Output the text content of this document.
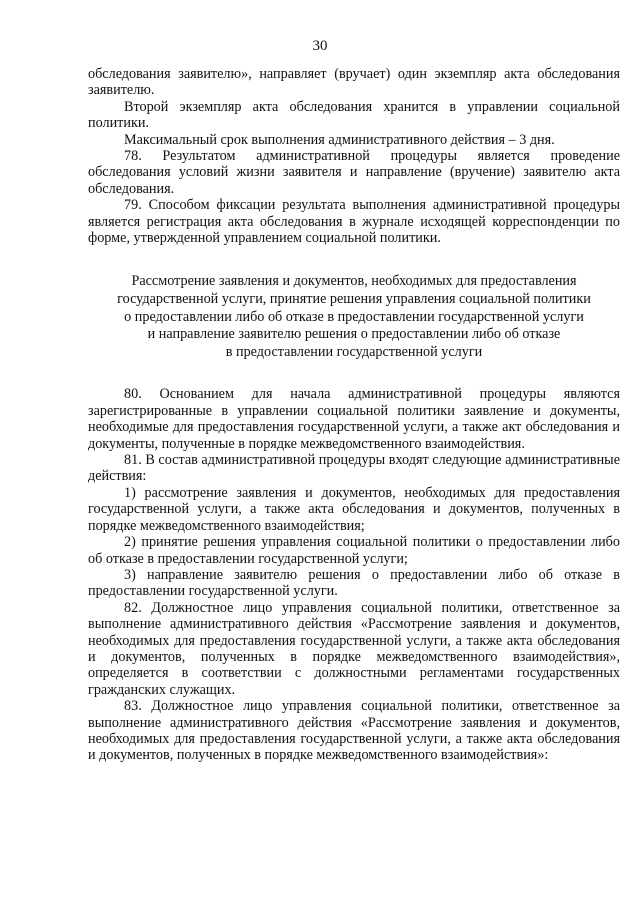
30

обследования заявителю», направляет (вручает) один экземпляр акта обследования заявителю.

Второй экземпляр акта обследования хранится в управлении социальной политики.

Максимальный срок выполнения административного действия – 3 дня.

78. Результатом административной процедуры является проведение обследования условий жизни заявителя и направление (вручение) заявителю акта обследования.

79. Способом фиксации результата выполнения административной процедуры является регистрация акта обследования в журнале исходящей корреспонденции по форме, утвержденной управлением социальной политики.

Рассмотрение заявления и документов, необходимых для предоставления
государственной услуги, принятие решения управления социальной политики
о предоставлении либо об отказе в предоставлении государственной услуги
и направление заявителю решения о предоставлении либо об отказе
в предоставлении государственной услуги

80. Основанием для начала административной процедуры являются зарегистрированные в управлении социальной политики заявление и документы, необходимые для предоставления государственной услуги, а также акт обследования и документы, полученные в порядке межведомственного взаимодействия.

81. В состав административной процедуры входят следующие административные действия:

1) рассмотрение заявления и документов, необходимых для предоставления государственной услуги, а также акта обследования и документов, полученных в порядке межведомственного взаимодействия;

2) принятие решения управления социальной политики о предоставлении либо об отказе в предоставлении государственной услуги;

3) направление заявителю решения о предоставлении либо об отказе в предоставлении государственной услуги.

82. Должностное лицо управления социальной политики, ответственное за выполнение административного действия «Рассмотрение заявления и документов, необходимых для предоставления государственной услуги, а также акта обследования и документов, полученных в порядке межведомственного взаимодействия», определяется в соответствии с должностными регламентами государственных гражданских служащих.

83. Должностное лицо управления социальной политики, ответственное за выполнение административного действия «Рассмотрение заявления и документов, необходимых для предоставления государственной услуги, а также акта обследования и документов, полученных в порядке межведомственного взаимодействия»:
